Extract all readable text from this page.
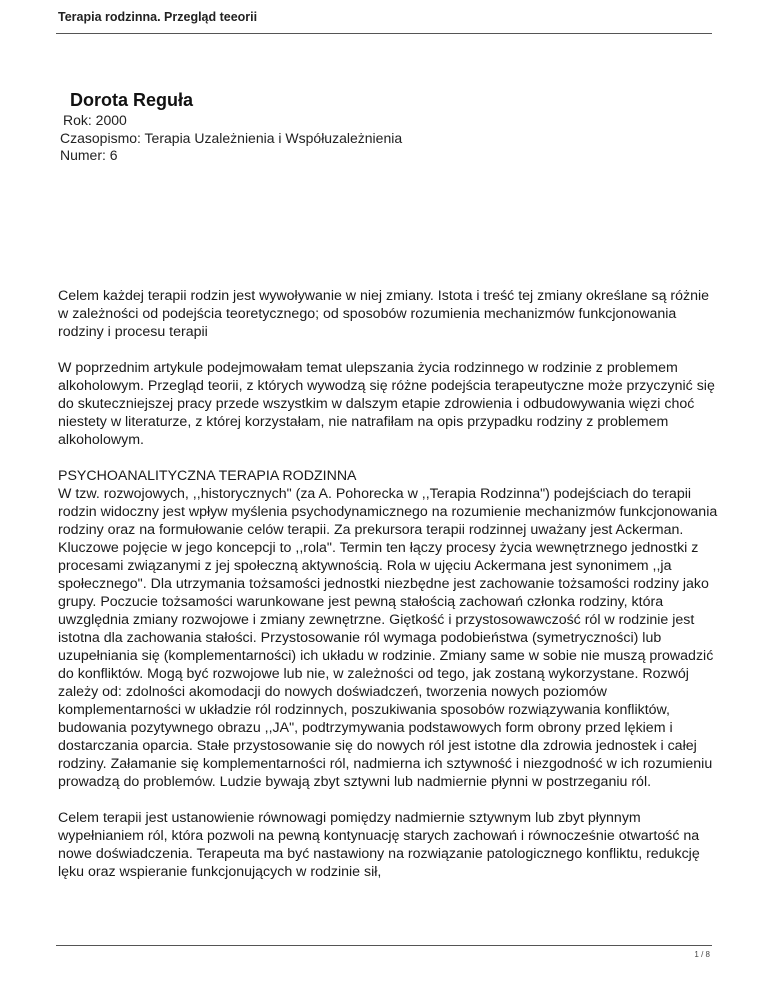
Terapia rodzinna. Przegląd teeorii
Dorota Reguła
Rok: 2000
Czasopismo: Terapia Uzależnienia i Współuzależnienia
Numer: 6

Celem każdej terapii rodzin jest wywoływanie w niej zmiany. Istota i treść tej zmiany określane są różnie w zależności od podejścia teoretycznego; od sposobów rozumienia mechanizmów funkcjonowania rodziny i procesu terapii

W poprzednim artykule podejmowałam temat ulepszania życia rodzinnego w rodzinie z problemem alkoholowym. Przegląd teorii, z których wywodzą się różne podejścia terapeutyczne może przyczynić się do skuteczniejszej pracy przede wszystkim w dalszym etapie zdrowienia i odbudowywania więzi choć niestety w literaturze, z której korzystałam, nie natrafiłam na opis przypadku rodziny z problemem alkoholowym.

PSYCHOANALITYCZNA TERAPIA RODZINNA
W tzw. rozwojowych, ,,historycznych" (za A. Pohorecka w ,,Terapia Rodzinna") podejściach do terapii rodzin widoczny jest wpływ myślenia psychodynamicznego na rozumienie mechanizmów funkcjonowania rodziny oraz na formułowanie celów terapii. Za prekursora terapii rodzinnej uważany jest Ackerman. Kluczowe pojęcie w jego koncepcji to ,,rola". Termin ten łączy procesy życia wewnętrznego jednostki z procesami związanymi z jej społeczną aktywnością. Rola w ujęciu Ackermana jest synonimem ,,ja społecznego". Dla utrzymania tożsamości jednostki niezbędne jest zachowanie tożsamości rodziny jako grupy. Poczucie tożsamości warunkowane jest pewną stałością zachowań członka rodziny, która uwzględnia zmiany rozwojowe i zmiany zewnętrzne. Giętkość i przystosowawczość ról w rodzinie jest istotna dla zachowania stałości. Przystosowanie ról wymaga podobieństwa (symetryczności) lub uzupełniania się (komplementarności) ich układu w rodzinie. Zmiany same w sobie nie muszą prowadzić do konfliktów. Mogą być rozwojowe lub nie, w zależności od tego, jak zostaną wykorzystane. Rozwój zależy od: zdolności akomodacji do nowych doświadczeń, tworzenia nowych poziomów komplementarności w układzie ról rodzinnych, poszukiwania sposobów rozwiązywania konfliktów, budowania pozytywnego obrazu ,,JA", podtrzymywania podstawowych form obrony przed lękiem i dostarczania oparcia. Stałe przystosowanie się do nowych ról jest istotne dla zdrowia jednostek i całej rodziny. Załamanie się komplementarności ról, nadmierna ich sztywność i niezgodność w ich rozumieniu prowadzą do problemów. Ludzie bywają zbyt sztywni lub nadmiernie płynni w postrzeganiu ról.

Celem terapii jest ustanowienie równowagi pomiędzy nadmiernie sztywnym lub zbyt płynnym wypełnianiem ról, która pozwoli na pewną kontynuację starych zachowań i równocześnie otwartość na nowe doświadczenia. Terapeuta ma być nastawiony na rozwiązanie patologicznego konfliktu, redukcję lęku oraz wspieranie funkcjonujących w rodzinie sił,

1 / 8
